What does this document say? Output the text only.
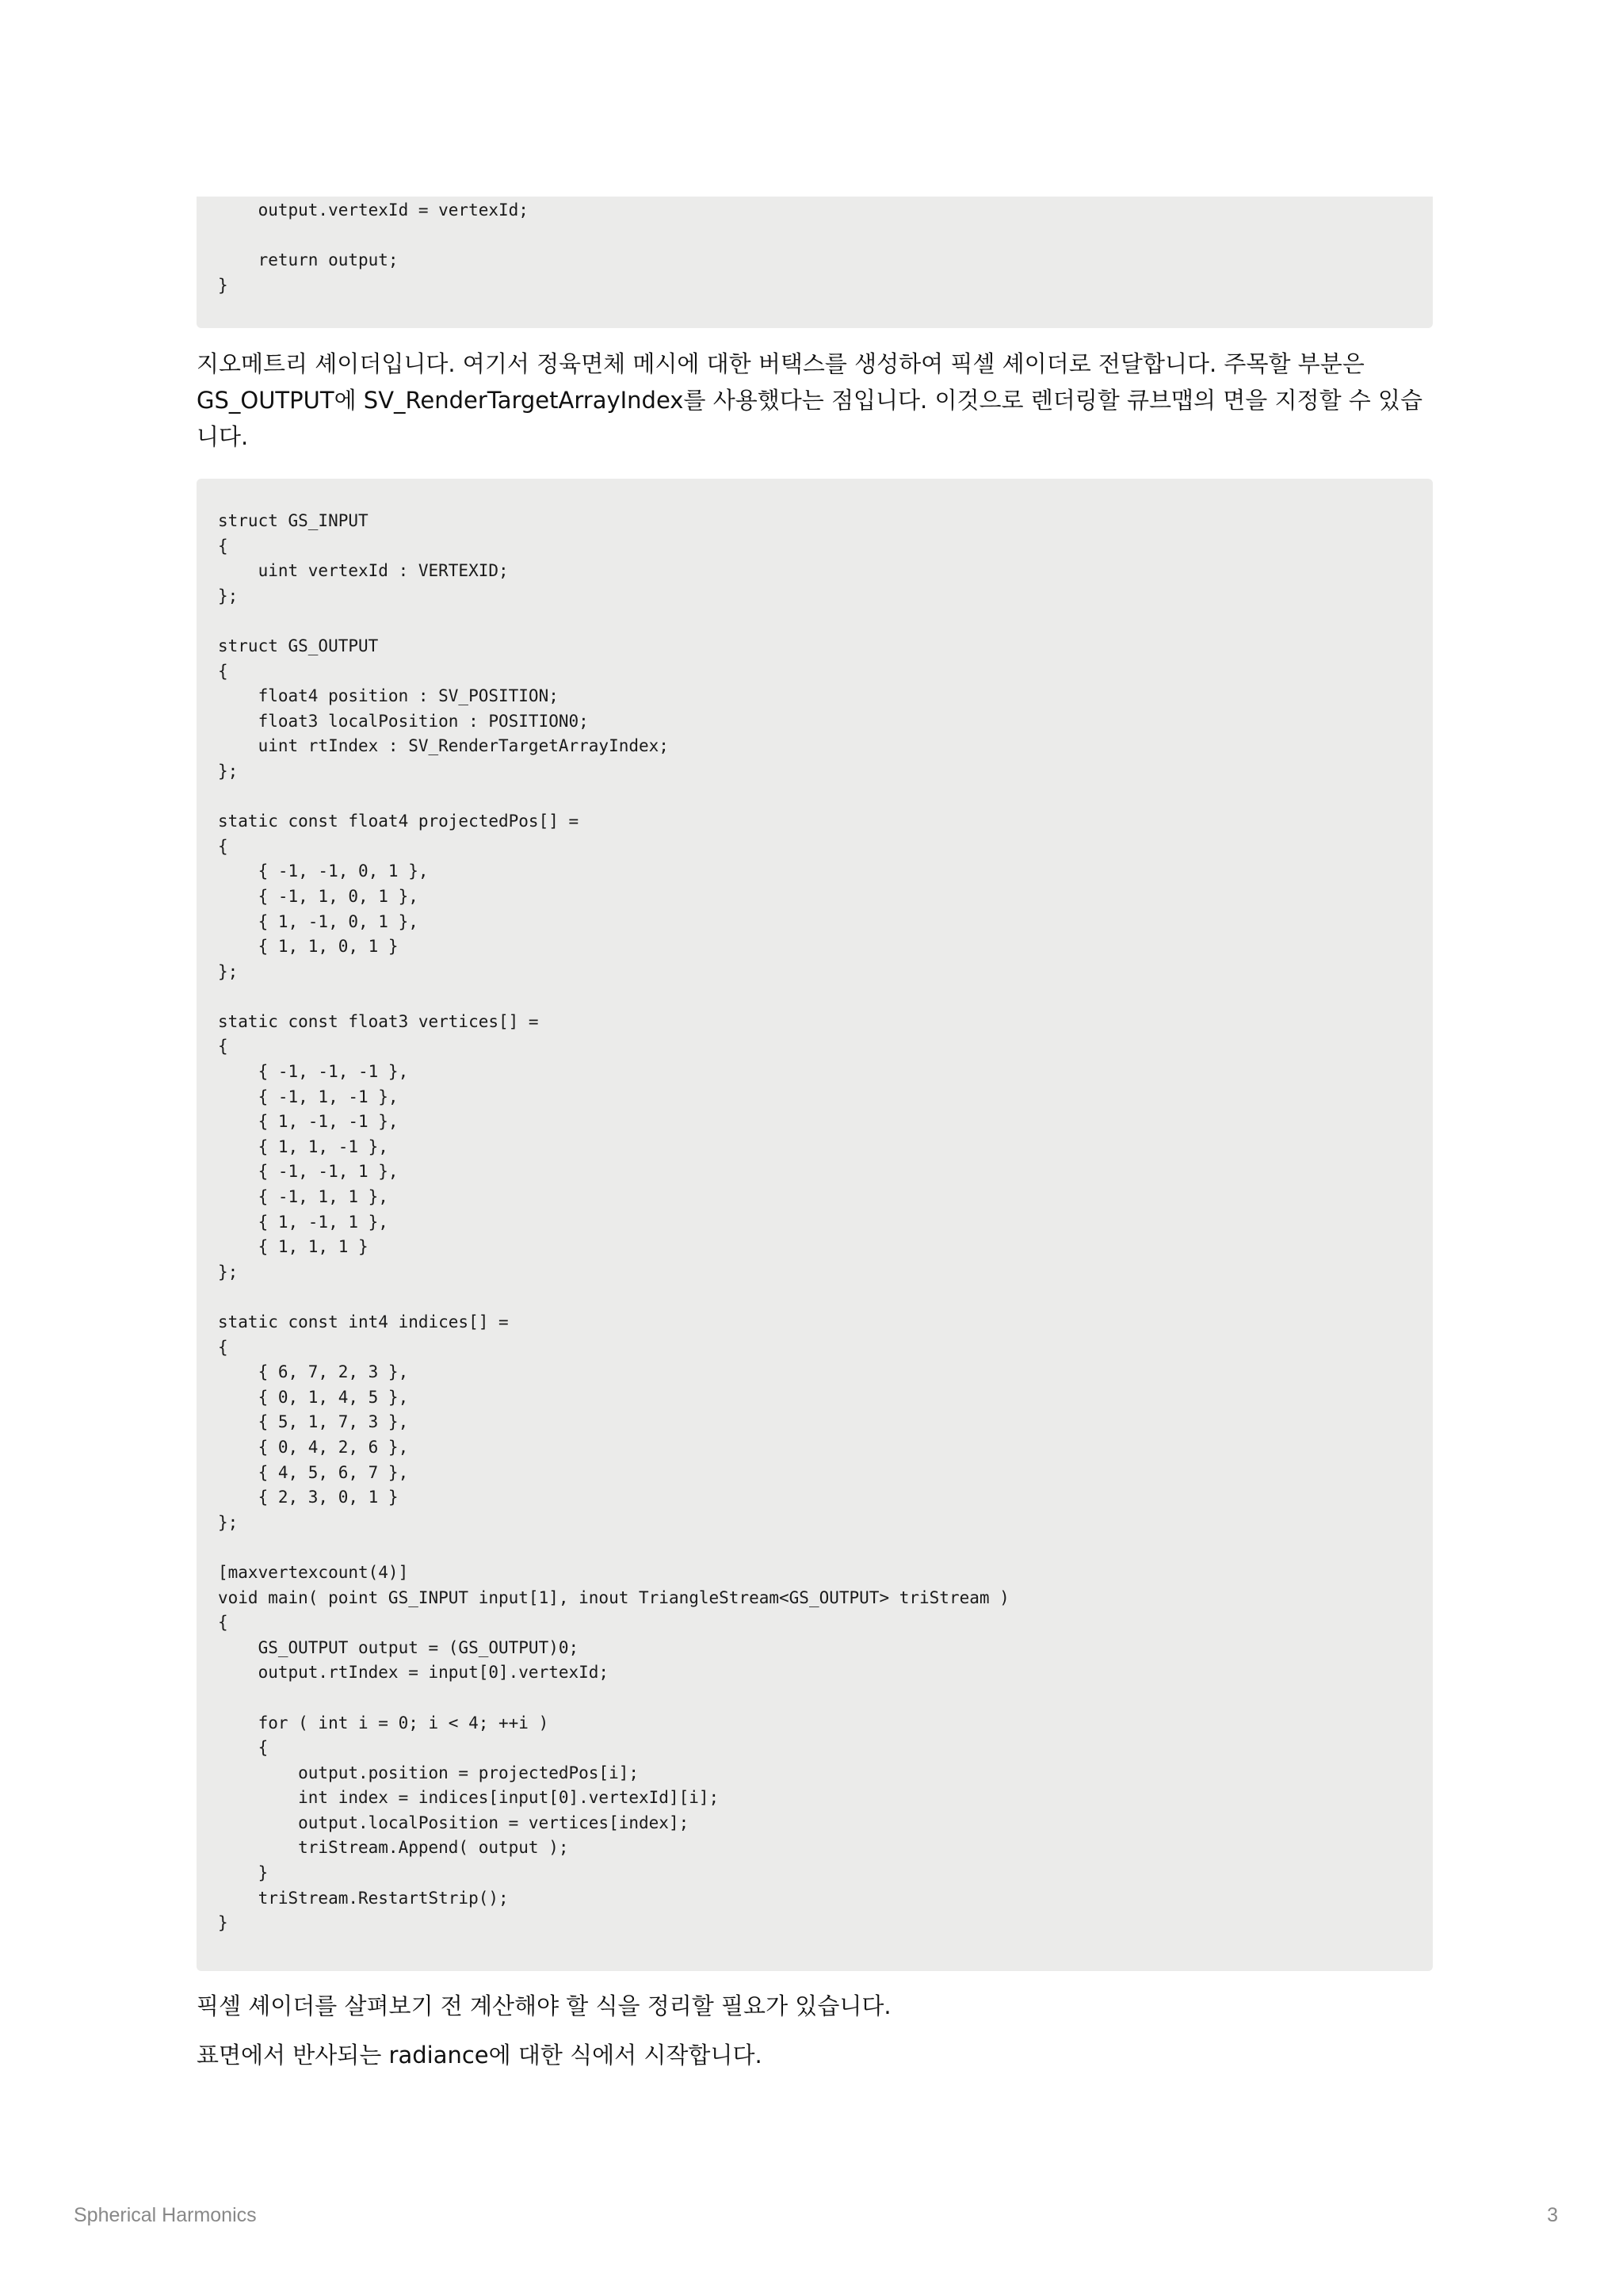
output.vertexId = vertexId;

return output;
}

지오메트리 셰이더입니다. 여기서 정육면체 메시에 대한 버택스를 생성하여 픽셀 셰이더로 전달합니다. 주목할 부분은 GS_OUTPUT에 SV_RenderTargetArrayIndex를 사용했다는 점입니다. 이것으로 렌더링할 큐브맵의 면을 지정할 수 있습니다.

struct GS_INPUT
{
uint vertexId : VERTEXID;
};

struct GS_OUTPUT
{
float4 position : SV_POSITION;
float3 localPosition : POSITION0;
uint rtIndex : SV_RenderTargetArrayIndex;
};

static const float4 projectedPos[] =
{
{ -1, -1, 0, 1 },
{ -1, 1, 0, 1 },
{ 1, -1, 0, 1 },
{ 1, 1, 0, 1 }
};

static const float3 vertices[] =
{
{ -1, -1, -1 },
{ -1, 1, -1 },
{ 1, -1, -1 },
{ 1, 1, -1 },
{ -1, -1, 1 },
{ -1, 1, 1 },
{ 1, -1, 1 },
{ 1, 1, 1 }
};

static const int4 indices[] =
{
{ 6, 7, 2, 3 },
{ 0, 1, 4, 5 },
{ 5, 1, 7, 3 },
{ 0, 4, 2, 6 },
{ 4, 5, 6, 7 },
{ 2, 3, 0, 1 }
};

[maxvertexcount(4)]
void main( point GS_INPUT input[1], inout TriangleStream<GS_OUTPUT> triStream )
{
GS_OUTPUT output = (GS_OUTPUT)0;
output.rtIndex = input[0].vertexId;

for ( int i = 0; i < 4; ++i )
{
output.position = projectedPos[i];
int index = indices[input[0].vertexId][i];
output.localPosition = vertices[index];
triStream.Append( output );
}
triStream.RestartStrip();
}

픽셀 셰이더를 살펴보기 전 계산해야 할 식을 정리할 필요가 있습니다.

표면에서 반사되는 radiance에 대한 식에서 시작합니다.

Spherical Harmonics	3
